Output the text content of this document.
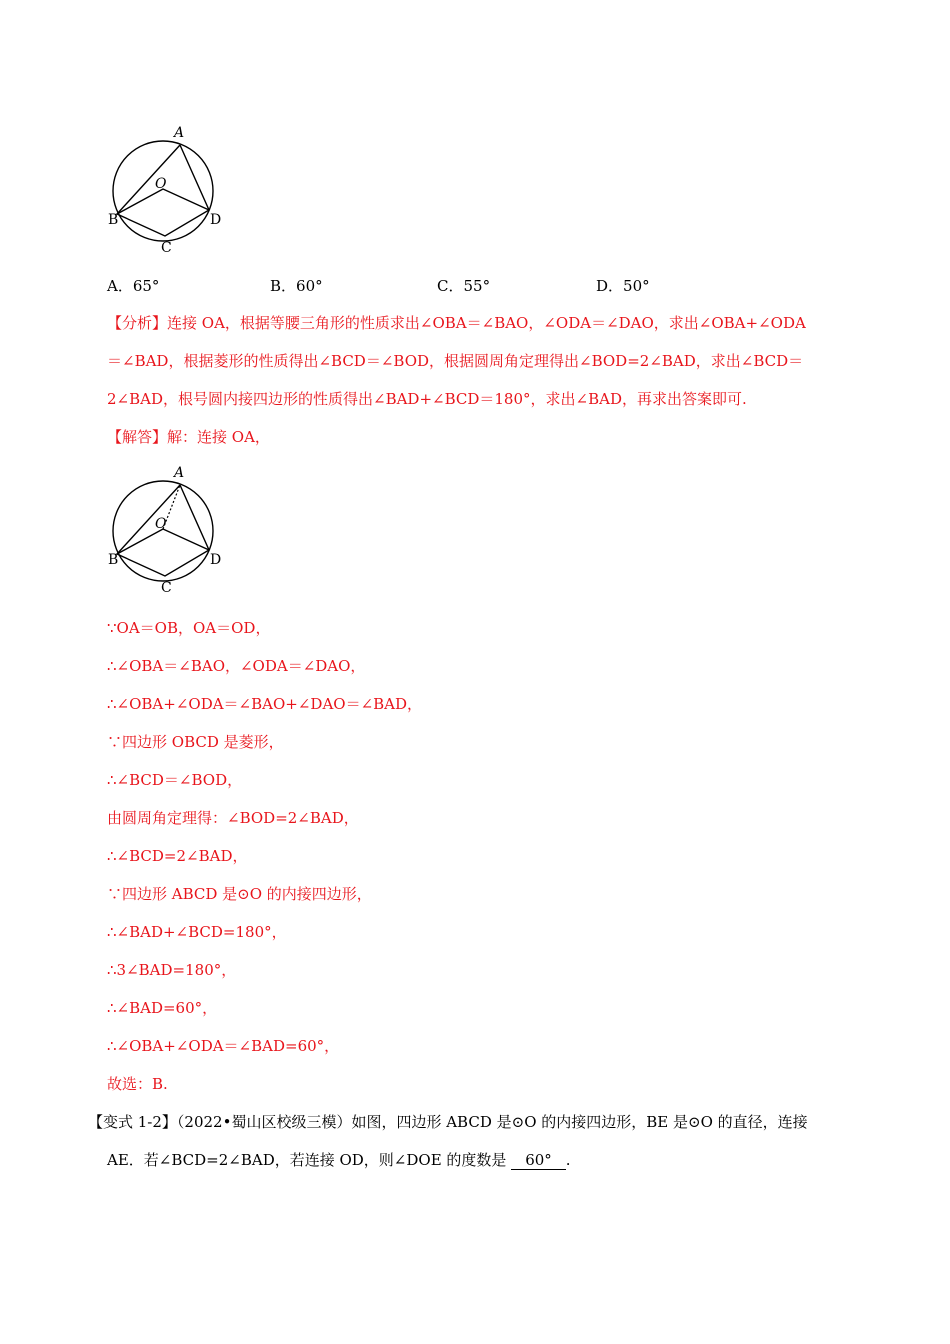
A
O
B
C
D
A．65°	B．60°	C．55°	D．50°
【分析】连接 OA，根据等腰三角形的性质求出∠OBA＝∠BAO，∠ODA＝∠DAO，求出∠OBA+∠ODA
＝∠BAD，根据菱形的性质得出∠BCD＝∠BOD，根据圆周角定理得出∠BOD=2∠BAD，求出∠BCD＝
2∠BAD，根号圆内接四边形的性质得出∠BAD+∠BCD＝180°，求出∠BAD，再求出答案即可.
【解答】解：连接 OA，
A
O
B
C
D
∵OA＝OB，OA＝OD，
∴∠OBA＝∠BAO，∠ODA＝∠DAO，
∴∠OBA+∠ODA＝∠BAO+∠DAO＝∠BAD，
∵四边形 OBCD 是菱形，
∴∠BCD＝∠BOD，
由圆周角定理得：∠BOD=2∠BAD，
∴∠BCD=2∠BAD，
∵四边形 ABCD 是⊙O 的内接四边形，
∴∠BAD+∠BCD=180°，
∴3∠BAD=180°，
∴∠BAD=60°，
∴∠OBA+∠ODA＝∠BAD=60°，
故选：B.
【变式 1-2】（2022•蜀山区校级三模）如图，四边形 ABCD 是⊙O 的内接四边形，BE 是⊙O 的直径，连接
AE．若∠BCD=2∠BAD，若连接 OD，则∠DOE 的度数是 60° .
